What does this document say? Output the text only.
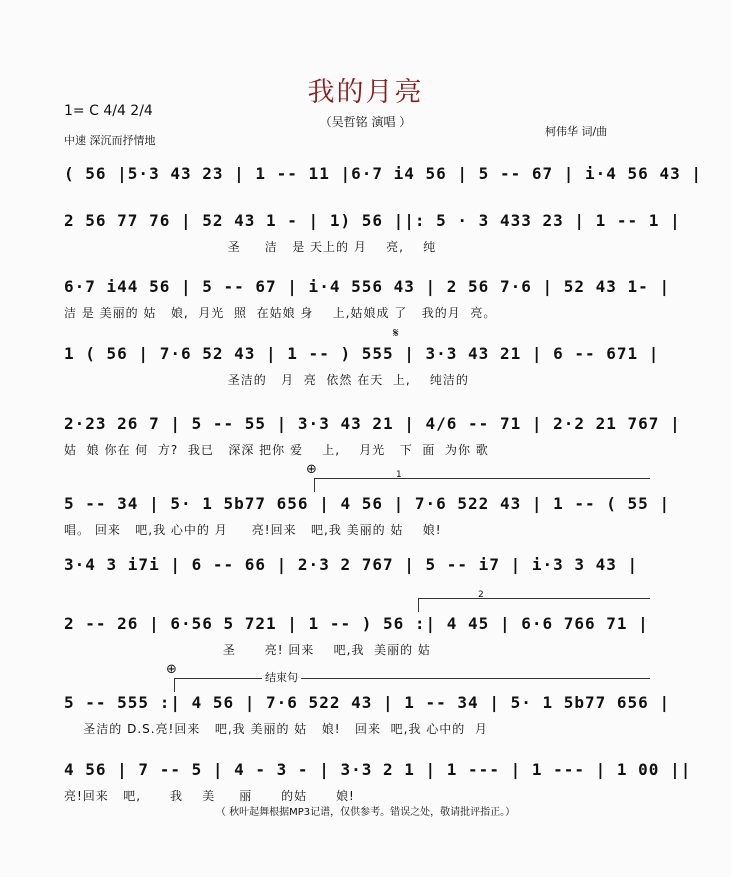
我的月亮
（吴哲铭 演唱 ）
1= C 4/4 2/4
中速 深沉而抒情地
柯伟华 词/曲
( 56 |5·3 43 23 | 1 -- 11 |6·7 i4 56 | 5 -- 67 | i·4 56 43 |
2 56 77 76 | 52 43 1 - | 1) 56 ||: 5 · 3 433 23 | 1 -- 1 |
圣     洁   是 天上的 月    亮,    纯
6·7 i44 56 | 5 -- 67 | i·4 556 43 | 2 56 7·6 | 52 43 1- |
洁 是 美丽的 姑   娘,  月光  照  在姑娘 身    上,姑娘成 了   我的月  亮。
𝄋
1 ( 56 | 7·6 52 43 | 1 -- ) 555 | 3·3 43 21 | 6 -- 671 |
圣洁的   月  亮  依然 在天  上,    纯洁的
2·23 26 7 | 5 -- 55 | 3·3 43 21 | 4/6 -- 71 | 2·2 21 767 |
姑  娘 你在 何  方?  我已   深深 把你 爱    上,    月光   下  面  为你 歌
⊕	1
5 -- 34 | 5· 1 5b77 656 | 4 56 | 7·6 522 43 | 1 -- ( 55 |
唱。 回来   吧,我 心中的 月     亮!回来   吧,我 美丽的 姑    娘!
3·4 3 i7i | 6 -- 66 | 2·3 2 767 | 5 -- i7 | i·3 3 43 |
2
2 -- 26 | 6·56 5 721 | 1 -- ) 56 :| 4 45 | 6·6 766 71 |
圣      亮! 回来    吧,我  美丽的 姑
⊕
结束句
5 -- 555 :| 4 56 | 7·6 522 43 | 1 -- 34 | 5· 1 5b77 656 |
圣洁的 D.S.亮!回来   吧,我 美丽的 姑   娘!   回来  吧,我 心中的  月
4 56 | 7 -- 5 | 4 - 3 - | 3·3 2 1 | 1 --- | 1 --- | 1 00 ||
亮!回来   吧,      我    美     丽      的姑      娘!
（ 秋叶起舞根据MP3记谱，仅供参考。错误之处，敬请批评指正。）
